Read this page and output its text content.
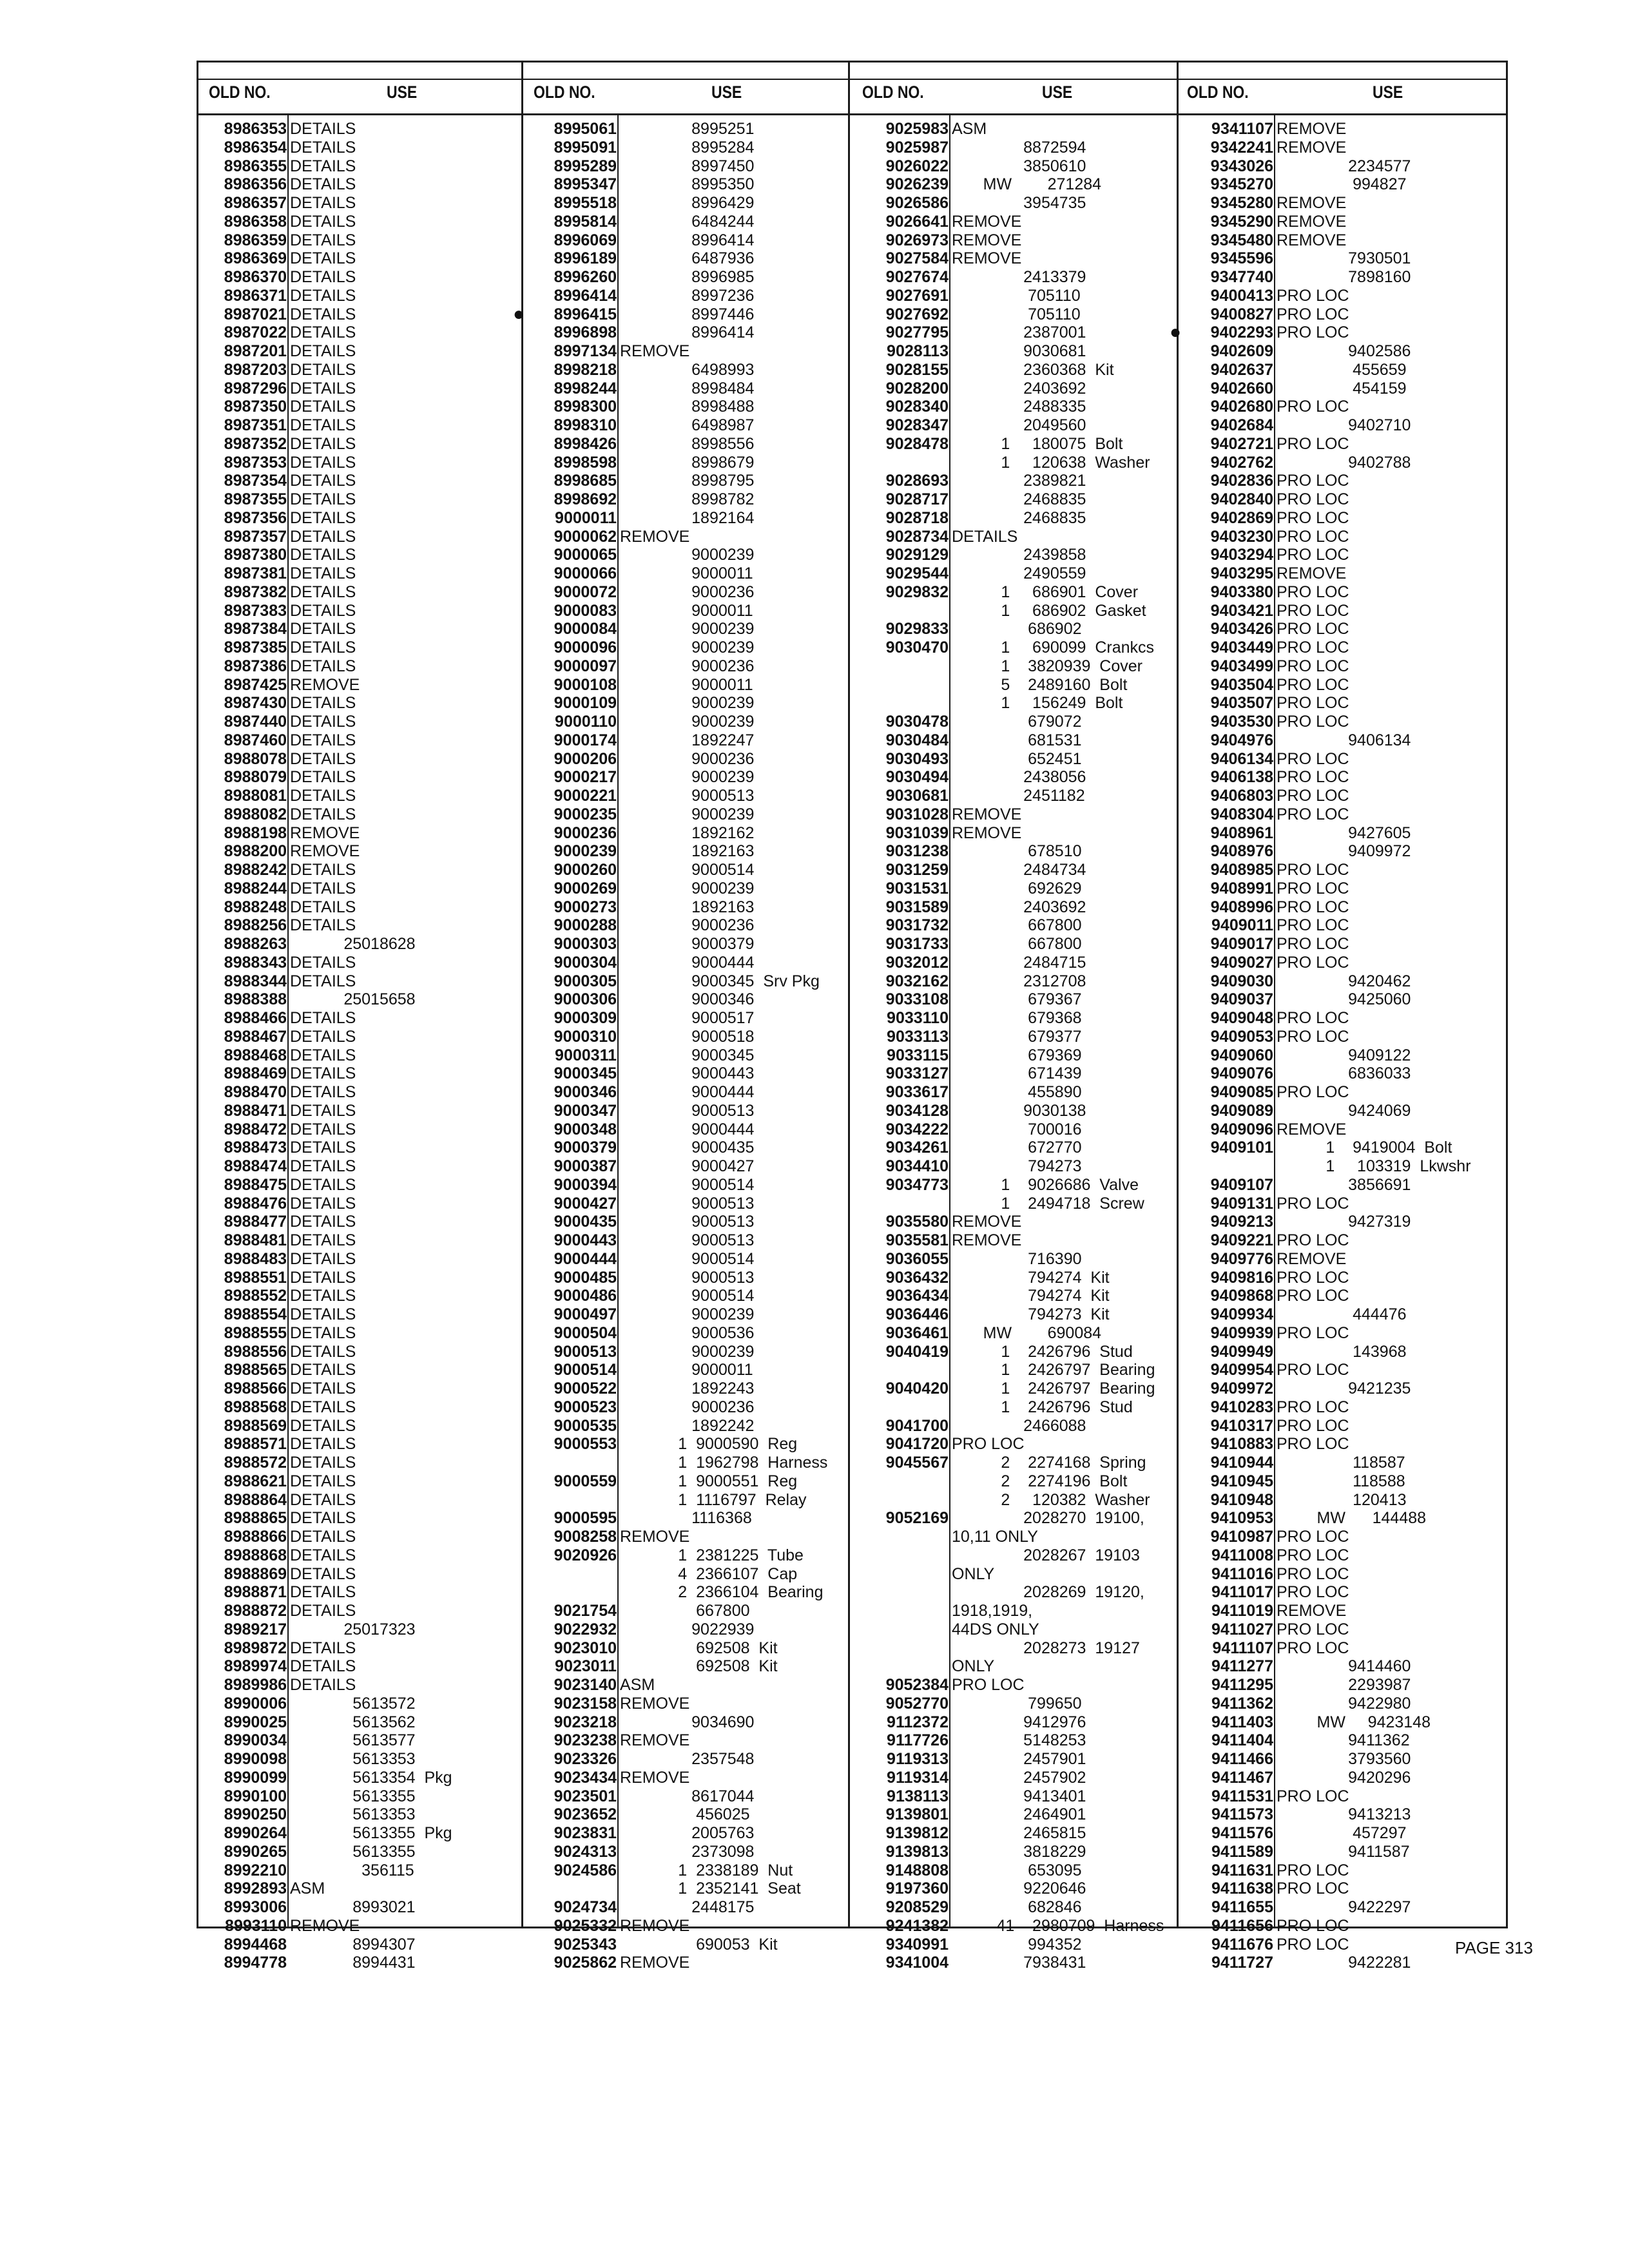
OLD NO.	USE	OLD NO.	USE	OLD NO.	USE	OLD NO.	USE
8986353 DETAILS
8986354 DETAILS
8986355 DETAILS
8986356 DETAILS
8986357 DETAILS
8986358 DETAILS
8986359 DETAILS
8986369 DETAILS
8986370 DETAILS
8986371 DETAILS
8987021 DETAILS
8987022 DETAILS
8987201 DETAILS
8987203 DETAILS
8987296 DETAILS
8987350 DETAILS
8987351 DETAILS
8987352 DETAILS
8987353 DETAILS
8987354 DETAILS
8987355 DETAILS
8987356 DETAILS
8987357 DETAILS
8987380 DETAILS
8987381 DETAILS
8987382 DETAILS
8987383 DETAILS
8987384 DETAILS
8987385 DETAILS
8987386 DETAILS
8987425 REMOVE
8987430 DETAILS
8987440 DETAILS
8987460 DETAILS
8988078 DETAILS
8988079 DETAILS
8988081 DETAILS
8988082 DETAILS
8988198 REMOVE
8988200 REMOVE
8988242 DETAILS
8988244 DETAILS
8988248 DETAILS
8988256 DETAILS
8988263 25018628
8988343 DETAILS
8988344 DETAILS
8988388 25015658
8988466 DETAILS
8988467 DETAILS
8988468 DETAILS
8988469 DETAILS
8988470 DETAILS
8988471 DETAILS
8988472 DETAILS
8988473 DETAILS
8988474 DETAILS
8988475 DETAILS
8988476 DETAILS
8988477 DETAILS
8988481 DETAILS
8988483 DETAILS
8988551 DETAILS
8988552 DETAILS
8988554 DETAILS
8988555 DETAILS
8988556 DETAILS
8988565 DETAILS
8988566 DETAILS
8988568 DETAILS
8988569 DETAILS
8988571 DETAILS
8988572 DETAILS
8988621 DETAILS
8988864 DETAILS
8988865 DETAILS
8988866 DETAILS
8988868 DETAILS
8988869 DETAILS
8988871 DETAILS
8988872 DETAILS
8989217 25017323
8989872 DETAILS
8989974 DETAILS
8989986 DETAILS
8990006 5613572
8990025 5613562
8990034 5613577
8990098 5613353
8990099 5613354  Pkg
8990100 5613355
8990250 5613353
8990264 5613355  Pkg
8990265 5613355
8992210 356115
8992893 ASM
8993006 8993021
8993110 REMOVE
8994468 8994307
8994778 8994431
8995061 8995251
8995091 8995284
8995289 8997450
8995347 8995350
8995518 8996429
8995814 6484244
8996069 8996414
8996189 6487936
8996260 8996985
8996414 8997236
●	8996415 8997446
8996898 8996414
8997134 REMOVE
8998218 6498993
8998244 8998484
8998300 8998488
8998310 6498987
8998426 8998556
8998598 8998679
8998685 8998795
8998692 8998782
9000011 1892164
9000062 REMOVE
9000065 9000239
9000066 9000011
9000072 9000236
9000083 9000011
9000084 9000239
9000096 9000239
9000097 9000236
9000108 9000011
9000109 9000239
9000110 9000239
9000174 1892247
9000206 9000236
9000217 9000239
9000221 9000513
9000235 9000239
9000236 1892162
9000239 1892163
9000260 9000514
9000269 9000239
9000273 1892163
9000288 9000236
9000303 9000379
9000304 9000444
9000305 9000345  Srv Pkg
9000306 9000346
9000309 9000517
9000310 9000518
9000311 9000345
9000345 9000443
9000346 9000444
9000347 9000513
9000348 9000444
9000379 9000435
9000387 9000427
9000394 9000514
9000427 9000513
9000435 9000513
9000443 9000513
9000444 9000514
9000485 9000513
9000486 9000514
9000497 9000239
9000504 9000536
9000513 9000239
9000514 9000011
9000522 1892243
9000523 9000236
9000535 1892242
9000553 1  9000590  Reg
1  1962798  Harness
9000559 1  9000551  Reg
1  1116797  Relay
9000595 1116368
9008258 REMOVE
9020926 1  2381225  Tube
4  2366107  Cap
2  2366104  Bearing
9021754 667800
9022932 9022939
9023010 692508  Kit
9023011 692508  Kit
9023140 ASM
9023158 REMOVE
9023218 9034690
9023238 REMOVE
9023326 2357548
9023434 REMOVE
9023501 8617044
9023652 456025
9023831 2005763
9024313 2373098
9024586 1  2338189  Nut
1  2352141  Seat
9024734 2448175
9025332 REMOVE
9025343 690053  Kit
9025862 REMOVE
9025983 ASM
9025987 8872594
9026022 3850610
9026239 MW        271284
9026586 3954735
9026641 REMOVE
9026973 REMOVE
9027584 REMOVE
9027674 2413379
9027691 705110
9027692 705110
9027795 2387001
9028113 9030681
9028155 2360368  Kit
9028200 2403692
9028340 2488335
9028347 2049560
9028478 1     180075  Bolt
1     120638  Washer
9028693 2389821
9028717 2468835
9028718 2468835
9028734 DETAILS
9029129 2439858
9029544 2490559
9029832 1     686901  Cover
1     686902  Gasket
9029833 686902
9030470 1     690099  Crankcs
1    3820939  Cover
5    2489160  Bolt
1     156249  Bolt
9030478 679072
9030484 681531
9030493 652451
9030494 2438056
9030681 2451182
9031028 REMOVE
9031039 REMOVE
9031238 678510
9031259 2484734
9031531 692629
9031589 2403692
9031732 667800
9031733 667800
9032012 2484715
9032162 2312708
9033108 679367
9033110 679368
9033113 679377
9033115 679369
9033127 671439
9033617 455890
9034128 9030138
9034222 700016
9034261 672770
9034410 794273
9034773 1    9026686  Valve
1    2494718  Screw
9035580 REMOVE
9035581 REMOVE
9036055 716390
9036432 794274  Kit
9036434 794274  Kit
9036446 794273  Kit
9036461 MW        690084
9040419 1    2426796  Stud
1    2426797  Bearing
9040420 1    2426797  Bearing
1    2426796  Stud
9041700 2466088
9041720 PRO LOC
9045567 2    2274168  Spring
2    2274196  Bolt
2     120382  Washer
9052169 2028270  19100,
10,11 ONLY
2028267  19103
ONLY
2028269  19120,
1918,1919,
44DS ONLY
2028273  19127
ONLY
9052384 PRO LOC
9052770 799650
9112372 9412976
9117726 5148253
9119313 2457901
9119314 2457902
9138113 9413401
9139801 2464901
9139812 2465815
9139813 3818229
9148808 653095
9197360 9220646
9208529 682846
9241382 41    2980709  Harness
9340991 994352
9341004 7938431
9341107 REMOVE
9342241 REMOVE
9343026 2234577
9345270 994827
9345280 REMOVE
9345290 REMOVE
9345480 REMOVE
9345596 7930501
9347740 7898160
9400413 PRO LOC
9400827 PRO LOC
●	9402293 PRO LOC
9402609 9402586
9402637 455659
9402660 454159
9402680 PRO LOC
9402684 9402710
9402721 PRO LOC
9402762 9402788
9402836 PRO LOC
9402840 PRO LOC
9402869 PRO LOC
9403230 PRO LOC
9403294 PRO LOC
9403295 REMOVE
9403380 PRO LOC
9403421 PRO LOC
9403426 PRO LOC
9403449 PRO LOC
9403499 PRO LOC
9403504 PRO LOC
9403507 PRO LOC
9403530 PRO LOC
9404976 9406134
9406134 PRO LOC
9406138 PRO LOC
9406803 PRO LOC
9408304 PRO LOC
9408961 9427605
9408976 9409972
9408985 PRO LOC
9408991 PRO LOC
9408996 PRO LOC
9409011 PRO LOC
9409017 PRO LOC
9409027 PRO LOC
9409030 9420462
9409037 9425060
9409048 PRO LOC
9409053 PRO LOC
9409060 9409122
9409076 6836033
9409085 PRO LOC
9409089 9424069
9409096 REMOVE
9409101 1    9419004  Bolt
1     103319  Lkwshr
9409107 3856691
9409131 PRO LOC
9409213 9427319
9409221 PRO LOC
9409776 REMOVE
9409816 PRO LOC
9409868 PRO LOC
9409934 444476
9409939 PRO LOC
9409949 143968
9409954 PRO LOC
9409972 9421235
9410283 PRO LOC
9410317 PRO LOC
9410883 PRO LOC
9410944 118587
9410945 118588
9410948 120413
9410953 MW      144488
9410987 PRO LOC
9411008 PRO LOC
9411016 PRO LOC
9411017 PRO LOC
9411019 REMOVE
9411027 PRO LOC
9411107 PRO LOC
9411277 9414460
9411295 2293987
9411362 9422980
9411403 MW     9423148
9411404 9411362
9411466 3793560
9411467 9420296
9411531 PRO LOC
9411573 9413213
9411576 457297
9411589 9411587
9411631 PRO LOC
9411638 PRO LOC
9411655 9422297
9411656 PRO LOC
9411676 PRO LOC
9411727 9422281
PAGE 313
